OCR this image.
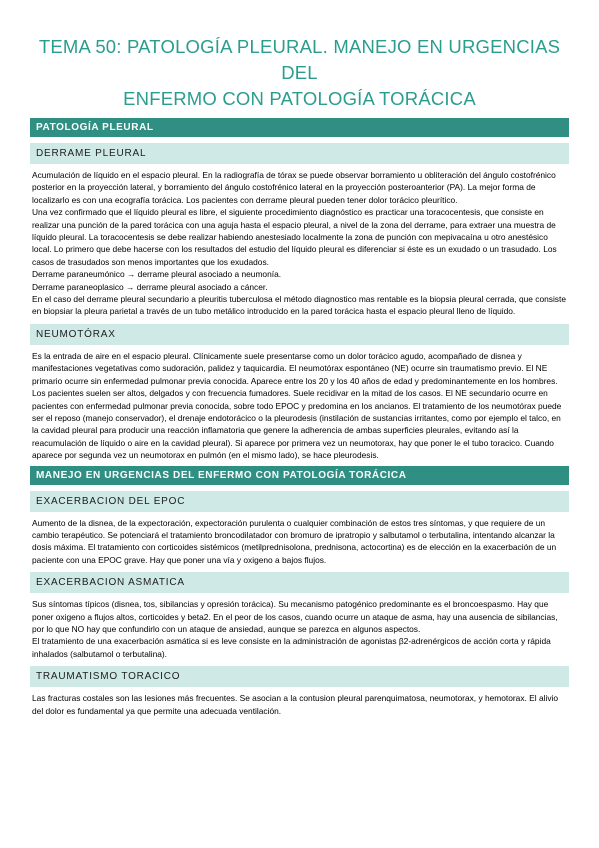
TEMA 50: PATOLOGÍA PLEURAL. MANEJO EN URGENCIAS DEL
ENFERMO CON PATOLOGÍA TORÁCICA
PATOLOGÍA PLEURAL
DERRAME PLEURAL

Acumulación de líquido en el espacio pleural. En la radiografía de tórax se puede observar borramiento u obliteración del ángulo costofrénico posterior en la proyección lateral, y borramiento del ángulo costofrénico lateral en la proyección posteroanterior (PA). La mejor forma de localizarlo es con una ecografía torácica. Los pacientes con derrame pleural pueden tener dolor torácico pleurítico.

Una vez confirmado que el líquido pleural es libre, el siguiente procedimiento diagnóstico es practicar una toracocentesis, que consiste en realizar una punción de la pared torácica con una aguja hasta el espacio pleural, a nivel de la zona del derrame, para extraer una muestra de líquido pleural. La toracocentesis se debe realizar habiendo anestesiado localmente la zona de punción con mepivacaína u otro anestésico local. Lo primero que debe hacerse con los resultados del estudio del líquido pleural es diferenciar si éste es un exudado o un trasudado. Los casos de trasudados son menos importantes que los exudados.

Derrame paraneumónico → derrame pleural asociado a neumonía.

Derrame paraneoplasico → derrame pleural asociado a cáncer.

En el caso del derrame pleural secundario a pleuritis tuberculosa el método diagnostico mas rentable es la biopsia pleural cerrada, que consiste en biopsiar la pleura parietal a través de un tubo metálico introducido en la pared torácica hasta el espacio pleural lleno de líquido.

NEUMOTÓRAX

Es la entrada de aire en el espacio pleural. Clínicamente suele presentarse como un dolor torácico agudo, acompañado de disnea y manifestaciones vegetativas como sudoración, palidez y taquicardia. El neumotórax espontáneo (NE) ocurre sin traumatismo previo. El NE primario ocurre sin enfermedad pulmonar previa conocida. Aparece entre los 20 y los 40 años de edad y predominantemente en los hombres. Los pacientes suelen ser altos, delgados y con frecuencia fumadores. Suele recidivar en la mitad de los casos. El NE secundario ocurre en pacientes con enfermedad pulmonar previa conocida, sobre todo EPOC y predomina en los ancianos. El tratamiento de los neumotórax puede ser el reposo (manejo conservador), el drenaje endotorácico o la pleurodesis (instilación de sustancias irritantes, como por ejemplo el talco, en la cavidad pleural para producir una reacción inflamatoria que genere la adherencia de ambas superficies pleurales, evitando así la reacumulación de líquido o aire en la cavidad pleural). Si aparece por primera vez un neumotorax, hay que poner le el tubo toracico. Cuando aparece por segunda vez un neumotorax en pulmón (en el mismo lado), se hace pleurodesis.

MANEJO EN URGENCIAS DEL ENFERMO CON PATOLOGÍA TORÁCICA
EXACERBACION DEL EPOC

Aumento de la disnea, de la expectoración, expectoración purulenta o cualquier combinación de estos tres síntomas, y que requiere de un cambio terapéutico. Se potenciará el tratamiento broncodilatador con bromuro de ipratropio y salbutamol o terbutalina, intentando alcanzar la dosis máxima. El tratamiento con corticoides sistémicos (metilprednisolona, prednisona, actocortina) es de elección en la exacerbación de un paciente con una EPOC grave. Hay que poner una vía y oxigeno a bajos flujos.

EXACERBACION ASMATICA

Sus síntomas típicos (disnea, tos, sibilancias y opresión torácica). Su mecanismo patogénico predominante es el broncoespasmo. Hay que poner oxigeno a flujos altos, corticoides y beta2. En el peor de los casos, cuando ocurre un ataque de asma, hay una ausencia de sibilancias, por lo que NO hay que confundirlo con un ataque de ansiedad, aunque se parezca en algunos aspectos.

El tratamiento de una exacerbación asmática si es leve consiste en la administración de agonistas β2-adrenérgicos de acción corta y rápida inhalados (salbutamol o terbutalina).

TRAUMATISMO TORACICO

Las fracturas costales son las lesiones más frecuentes. Se asocian a la contusion pleural parenquimatosa, neumotorax, y hemotorax. El alivio del dolor es fundamental ya que permite una adecuada ventilación.
